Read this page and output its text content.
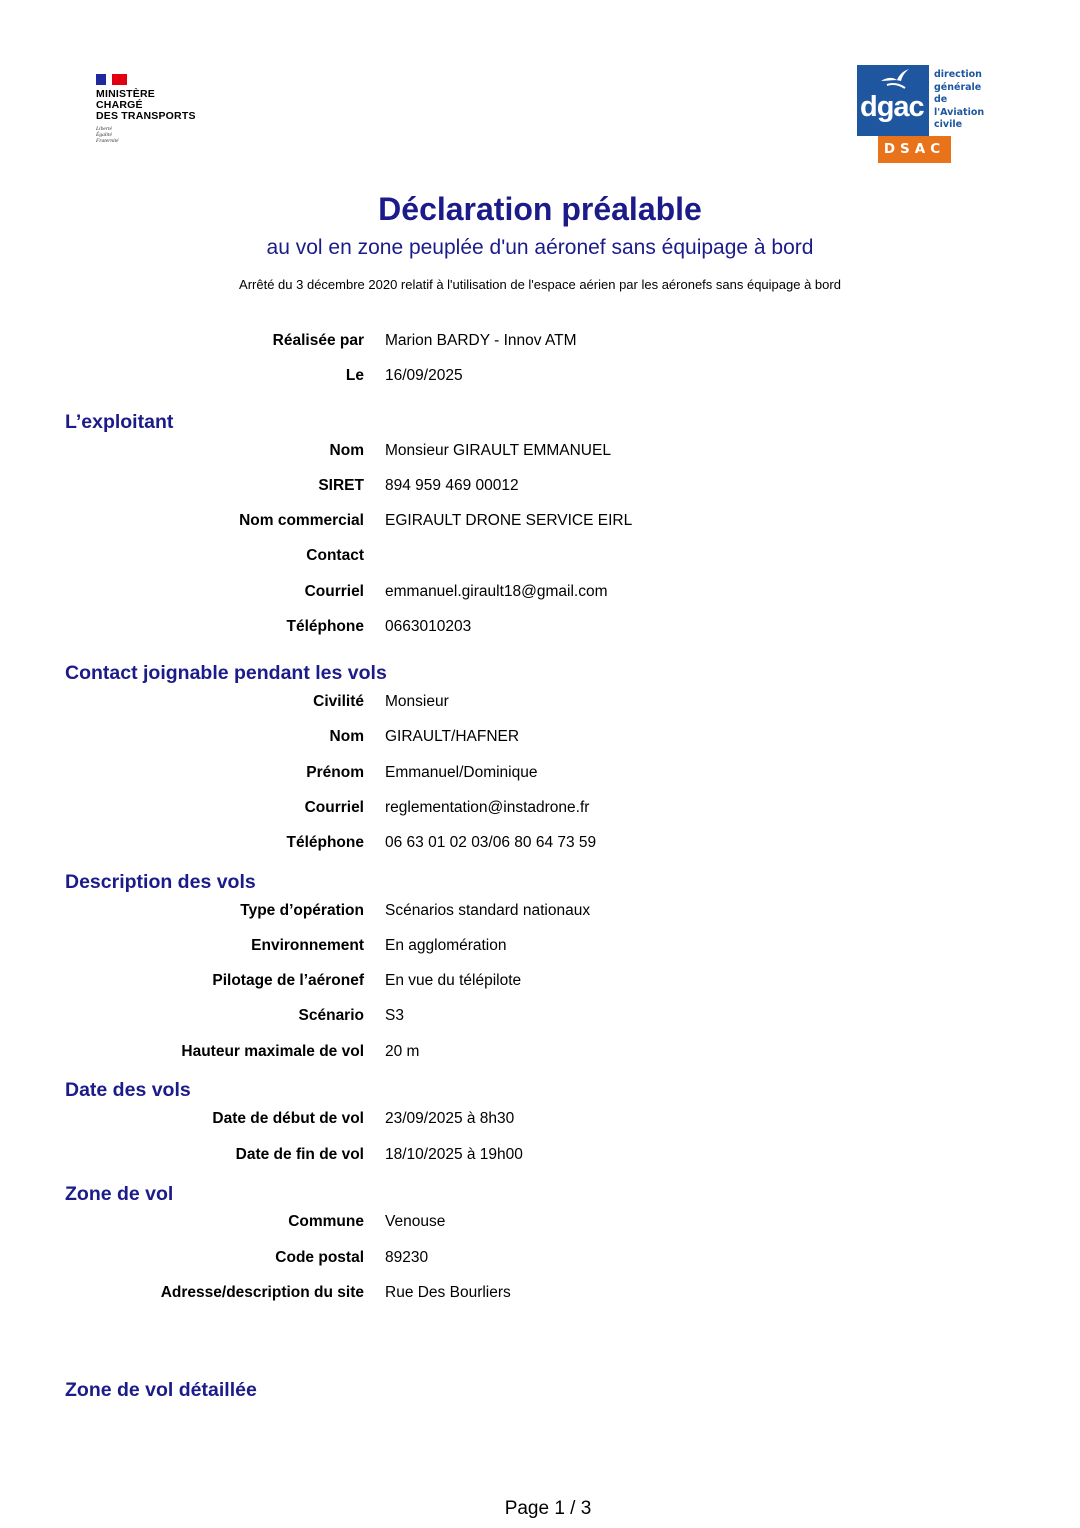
MINISTÈRE
CHARGÉ
DES TRANSPORTS
Liberté
Égalité
Fraternité
dgac
direction
générale
de l'Aviation
civile
DSAC
Déclaration préalable
au vol en zone peuplée d'un aéronef sans équipage à bord
Arrêté du 3 décembre 2020 relatif à l'utilisation de l'espace aérien par les aéronefs sans équipage à bord
Réalisée par Marion BARDY - Innov ATM
Le 16/09/2025
L’exploitant
Nom Monsieur GIRAULT EMMANUEL
SIRET 894 959 469 00012
Nom commercial EGIRAULT DRONE SERVICE EIRL
Contact
Courriel emmanuel.girault18@gmail.com
Téléphone 0663010203
Contact joignable pendant les vols
Civilité Monsieur
Nom GIRAULT/HAFNER
Prénom Emmanuel/Dominique
Courriel reglementation@instadrone.fr
Téléphone 06 63 01 02 03/06 80 64 73 59
Description des vols
Type d’opération Scénarios standard nationaux
Environnement En agglomération
Pilotage de l’aéronef En vue du télépilote
Scénario S3
Hauteur maximale de vol 20 m
Date des vols
Date de début de vol 23/09/2025 à 8h30
Date de fin de vol 18/10/2025 à 19h00
Zone de vol
Commune Venouse
Code postal 89230
Adresse/description du site Rue Des Bourliers
Zone de vol détaillée
Page 1 / 3
